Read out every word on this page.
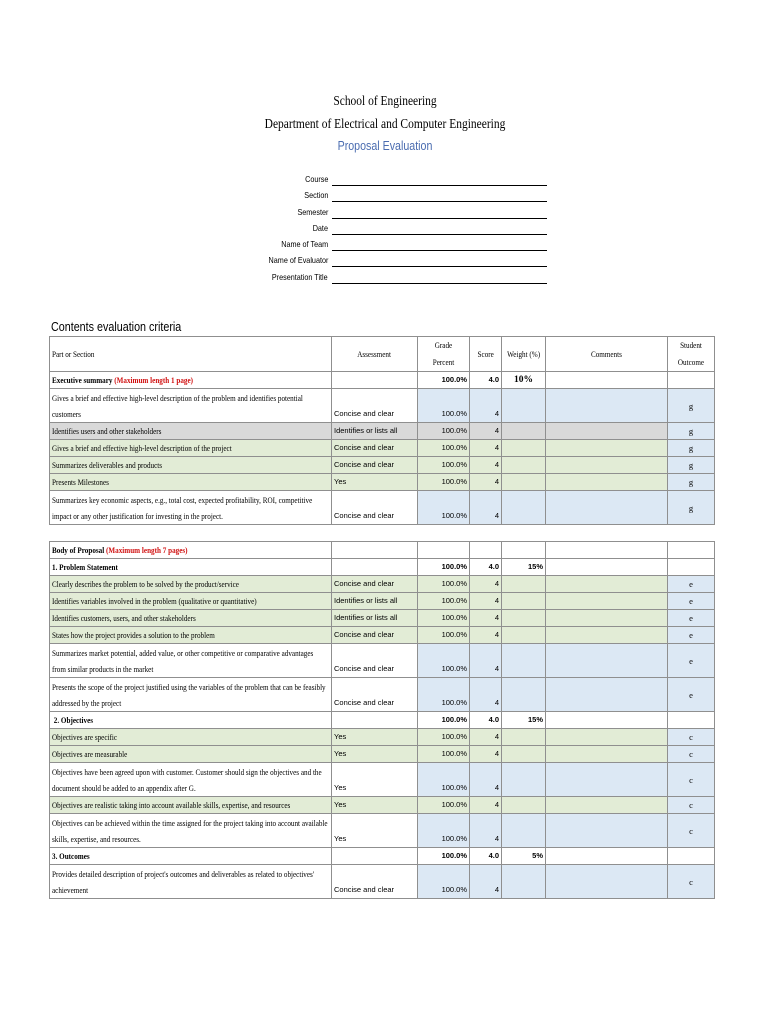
School of Engineering
Department of Electrical and Computer Engineering
Proposal Evaluation
Course
Section
Semester
Date
Name of Team
Name of Evaluator
Presentation Title
Contents evaluation criteria
Part or Section	Assessment	Grade Percent	Score	Weight (%)	Comments	Student Outcome

Executive summary (Maximum length 1 page)		100.0%	4.0	10%		

Gives a brief and effective high-level description of the problem and identifies potential customers	Concise and clear	100.0%	4			g
Identifies users and other stakeholders	Identifies or lists all	100.0%	4			g
Gives a brief and effective high-level description of the project	Concise and clear	100.0%	4			g
Summarizes deliverables and products	Concise and clear	100.0%	4			g
Presents Milestones	Yes	100.0%	4			g

Summarizes key economic aspects, e.g., total cost, expected profitability, ROI, competitive impact or any other justification for investing in the project.	Concise and clear	100.0%	4			g
Body of Proposal (Maximum length 7 pages)						
1. Problem Statement		100.0%	4.0	15%		
Clearly describes the problem to be solved by the product/service	Concise and clear	100.0%	4			e
Identifies variables involved in the problem (qualitative or quantitative)	Identifies or lists all	100.0%	4			e
Identifies customers, users, and other stakeholders	Identifies or lists all	100.0%	4			e
States how the project provides a solution to the problem	Concise and clear	100.0%	4			e

Summarizes market potential, added value, or other competitive or comparative advantages from similar products in the market	Concise and clear	100.0%	4			e

Presents the scope of the project justified using the variables of the problem that can be feasibly addressed by the project	Concise and clear	100.0%	4			e
2. Objectives		100.0%	4.0	15%		
Objectives are specific	Yes	100.0%	4			c
Objectives are measurable	Yes	100.0%	4			c

Objectives have been agreed upon with customer. Customer should sign the objectives and the document should be added to an appendix after G.	Yes	100.0%	4			c
Objectives are realistic taking into account available skills, expertise, and resources	Yes	100.0%	4			c

Objectives can be achieved within the time assigned for the project taking into account available skills, expertise, and resources.	Yes	100.0%	4			c
3. Outcomes		100.0%	4.0	5%		

Provides detailed description of project's outcomes and deliverables as related to objectives' achievement	Concise and clear	100.0%	4			c
